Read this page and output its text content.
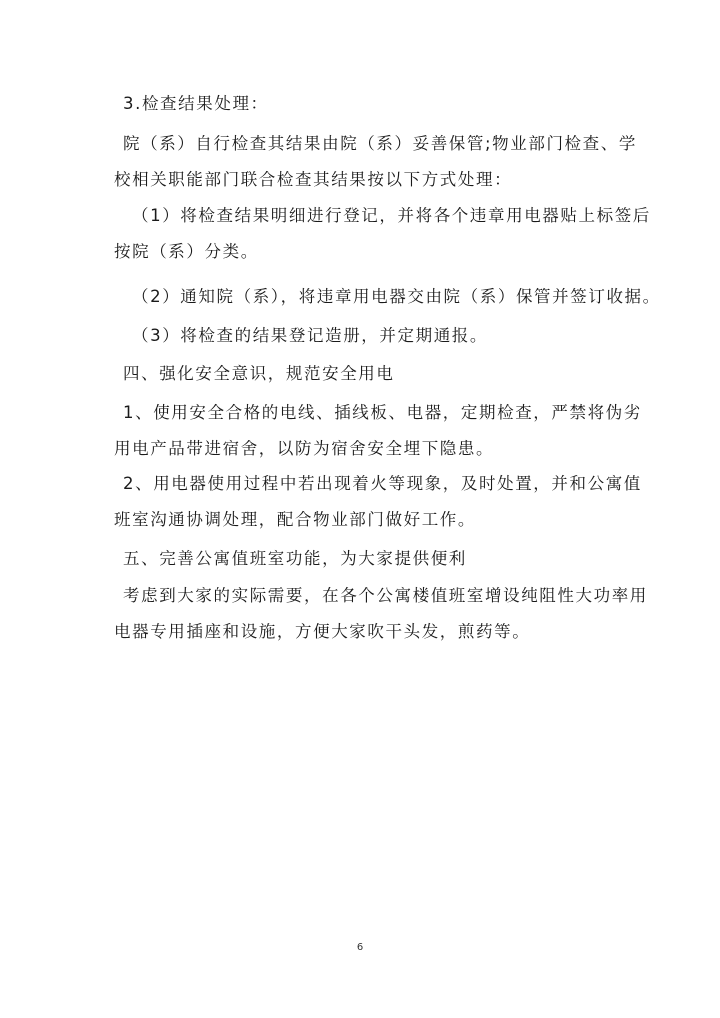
3.检查结果处理：
院（系）自行检查其结果由院（系）妥善保管;物业部门检查、学
校相关职能部门联合检查其结果按以下方式处理：
（1）将检查结果明细进行登记，并将各个违章用电器贴上标签后
按院（系）分类。
（2）通知院（系），将违章用电器交由院（系）保管并签订收据。
（3）将检查的结果登记造册，并定期通报。
四、强化安全意识，规范安全用电
1、使用安全合格的电线、插线板、电器，定期检查，严禁将伪劣
用电产品带进宿舍，以防为宿舍安全埋下隐患。
2、用电器使用过程中若出现着火等现象，及时处置，并和公寓值
班室沟通协调处理，配合物业部门做好工作。
五、完善公寓值班室功能，为大家提供便利
考虑到大家的实际需要，在各个公寓楼值班室增设纯阻性大功率用
电器专用插座和设施，方便大家吹干头发，煎药等。
6
